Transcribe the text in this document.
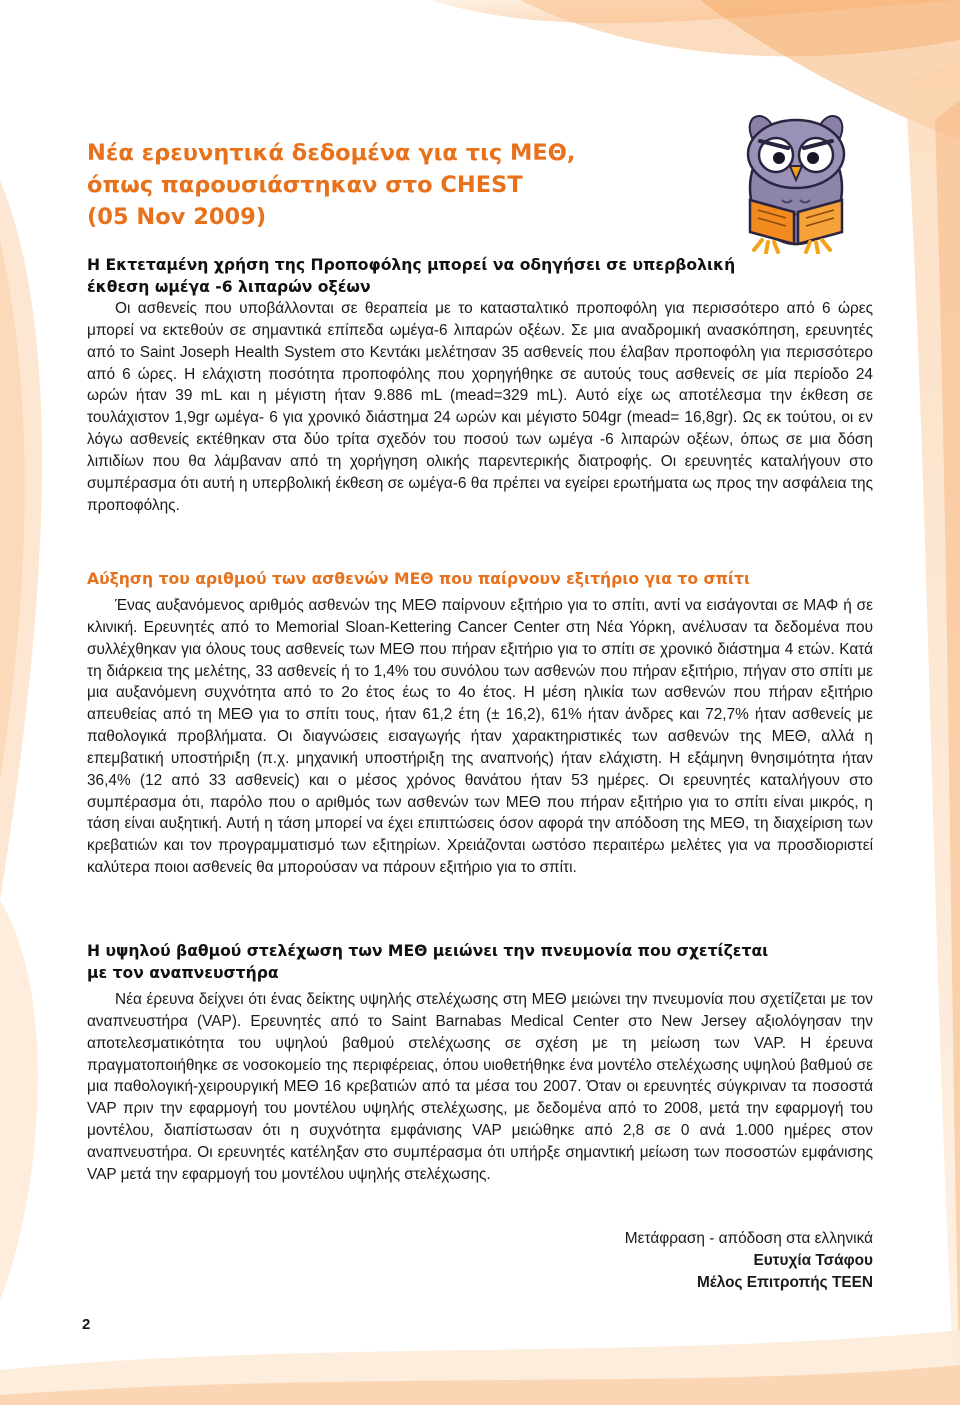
Νέα ερευνητικά δεδομένα για τις ΜΕΘ,
όπως παρουσιάστηκαν στο CHEST
(05 Nov 2009)
Η Εκτεταμένη χρήση της Προποφόλης μπορεί να οδηγήσει σε υπερβολική
έκθεση ωμέγα -6 λιπαρών οξέων

Οι ασθενείς που υποβάλλονται σε θεραπεία με το κατασταλτικό προποφόλη για περισσότερο από 6 ώρες μπορεί να εκτεθούν σε σημαντικά επίπεδα ωμέγα-6 λιπαρών οξέων. Σε μια αναδρομική ανασκόπηση, ερευνητές από το Saint Joseph Health System στο Κεντάκι μελέτησαν 35 ασθενείς που έλαβαν προποφόλη για περισσότερο από 6 ώρες. Η ελάχιστη ποσότητα προποφόλης που χορηγήθηκε σε αυτούς τους ασθενείς σε μία περίοδο 24 ωρών ήταν 39 mL και η μέγιστη ήταν 9.886 mL (mead=329 mL). Αυτό είχε ως αποτέλεσμα την έκθεση σε τουλάχιστον 1,9gr ωμέγα- 6 για χρονικό διάστημα 24 ωρών και μέγιστο 504gr (mead= 16,8gr). Ως εκ τούτου, οι εν λόγω ασθενείς εκτέθηκαν στα δύο τρίτα σχεδόν του ποσού των ωμέγα -6 λιπαρών οξέων, όπως σε μια δόση λιπιδίων που θα λάμβαναν από τη χορήγηση ολικής παρεντερικής διατροφής. Οι ερευνητές καταλήγουν στο συμπέρασμα ότι αυτή η υπερβολική έκθεση σε ωμέγα-6 θα πρέπει να εγείρει ερωτήματα ως προς την ασφάλεια της προποφόλης.

Αύξηση του αριθμού των ασθενών ΜΕΘ που παίρνουν εξιτήριο για το σπίτι

Ένας αυξανόμενος αριθμός ασθενών της ΜΕΘ παίρνουν εξιτήριο για το σπίτι, αντί να εισάγονται σε ΜΑΦ ή σε κλινική. Ερευνητές από το Memorial Sloan-Kettering Cancer Center στη Νέα Υόρκη, ανέλυσαν τα δεδομένα που συλλέχθηκαν για όλους τους ασθενείς των ΜΕΘ που πήραν εξιτήριο για το σπίτι σε χρονικό διάστημα 4 ετών. Κατά τη διάρκεια της μελέτης, 33 ασθενείς ή το 1,4% του συνόλου των ασθενών που πήραν εξιτήριο, πήγαν στο σπίτι με μια αυξανόμενη συχνότητα από το 2ο έτος έως το 4ο έτος. Η μέση ηλικία των ασθενών που πήραν εξιτήριο απευθείας από τη ΜΕΘ για το σπίτι τους, ήταν 61,2 έτη (± 16,2), 61% ήταν άνδρες και 72,7% ήταν ασθενείς με παθολογικά προβλήματα. Οι διαγνώσεις εισαγωγής ήταν χαρακτηριστικές των ασθενών της ΜΕΘ, αλλά η επεμβατική υποστήριξη (π.χ. μηχανική υποστήριξη της αναπνοής) ήταν ελάχιστη. Η εξάμηνη θνησιμότητα ήταν 36,4% (12 από 33 ασθενείς) και ο μέσος χρόνος θανάτου ήταν 53 ημέρες. Οι ερευνητές καταλήγουν στο συμπέρασμα ότι, παρόλο που ο αριθμός των ασθενών των ΜΕΘ που πήραν εξιτήριο για το σπίτι είναι μικρός, η τάση είναι αυξητική. Αυτή η τάση μπορεί να έχει επιπτώσεις όσον αφορά την απόδοση της ΜΕΘ, τη διαχείριση των κρεβατιών και τον προγραμματισμό των εξιτηρίων. Χρειάζονται ωστόσο περαιτέρω μελέτες για να προσδιοριστεί καλύτερα ποιοι ασθενείς θα μπορούσαν να πάρουν εξιτήριο για το σπίτι.

Η υψηλού βαθμού στελέχωση των ΜΕΘ μειώνει την πνευμονία που σχετίζεται
με τον αναπνευστήρα

Νέα έρευνα δείχνει ότι ένας δείκτης υψηλής στελέχωσης στη ΜΕΘ μειώνει την πνευμονία που σχετίζεται με τον αναπνευστήρα (VAP). Ερευνητές από το Saint Barnabas Medical Center στο New Jersey αξιολόγησαν την αποτελεσματικότητα του υψηλού βαθμού στελέχωσης σε σχέση με τη μείωση των VAP. Η έρευνα πραγματοποιήθηκε σε νοσοκομείο της περιφέρειας, όπου υιοθετήθηκε ένα μοντέλο στελέχωσης υψηλού βαθμού σε μια παθολογική-χειρουργική ΜΕΘ 16 κρεβατιών από τα μέσα του 2007. Όταν οι ερευνητές σύγκριναν τα ποσοστά VAP πριν την εφαρμογή του μοντέλου υψηλής στελέχωσης, με δεδομένα από το 2008, μετά την εφαρμογή του μοντέλου, διαπίστωσαν ότι η συχνότητα εμφάνισης VAP μειώθηκε από 2,8 σε 0 ανά 1.000 ημέρες στον αναπνευστήρα. Οι ερευνητές κατέληξαν στο συμπέρασμα ότι υπήρξε σημαντική μείωση των ποσοστών εμφάνισης VAP μετά την εφαρμογή του μοντέλου υψηλής στελέχωσης.

Μετάφραση - απόδοση στα ελληνικά
Ευτυχία Τσάφου
Μέλος Επιτροπής ΤΕΕΝ
2
